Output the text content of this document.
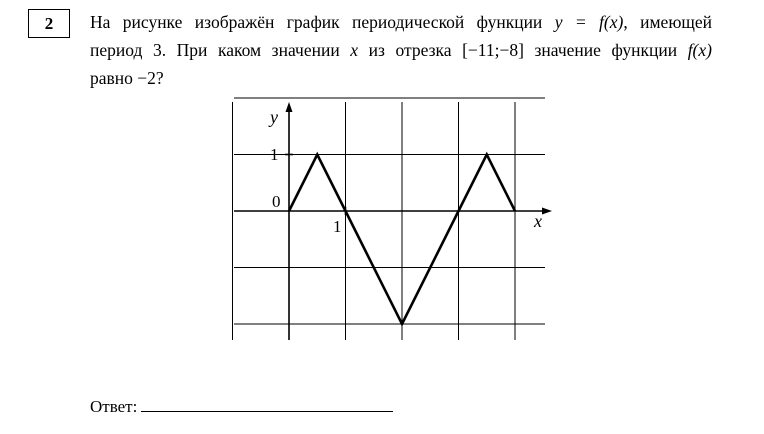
2	На рисунке изображён график периодической функции y = f(x), имеющей
период 3. При каком значении x из отрезка [−11;−8] значение функции f(x)
равно −2?
y
x
0
1
1
Ответ:
